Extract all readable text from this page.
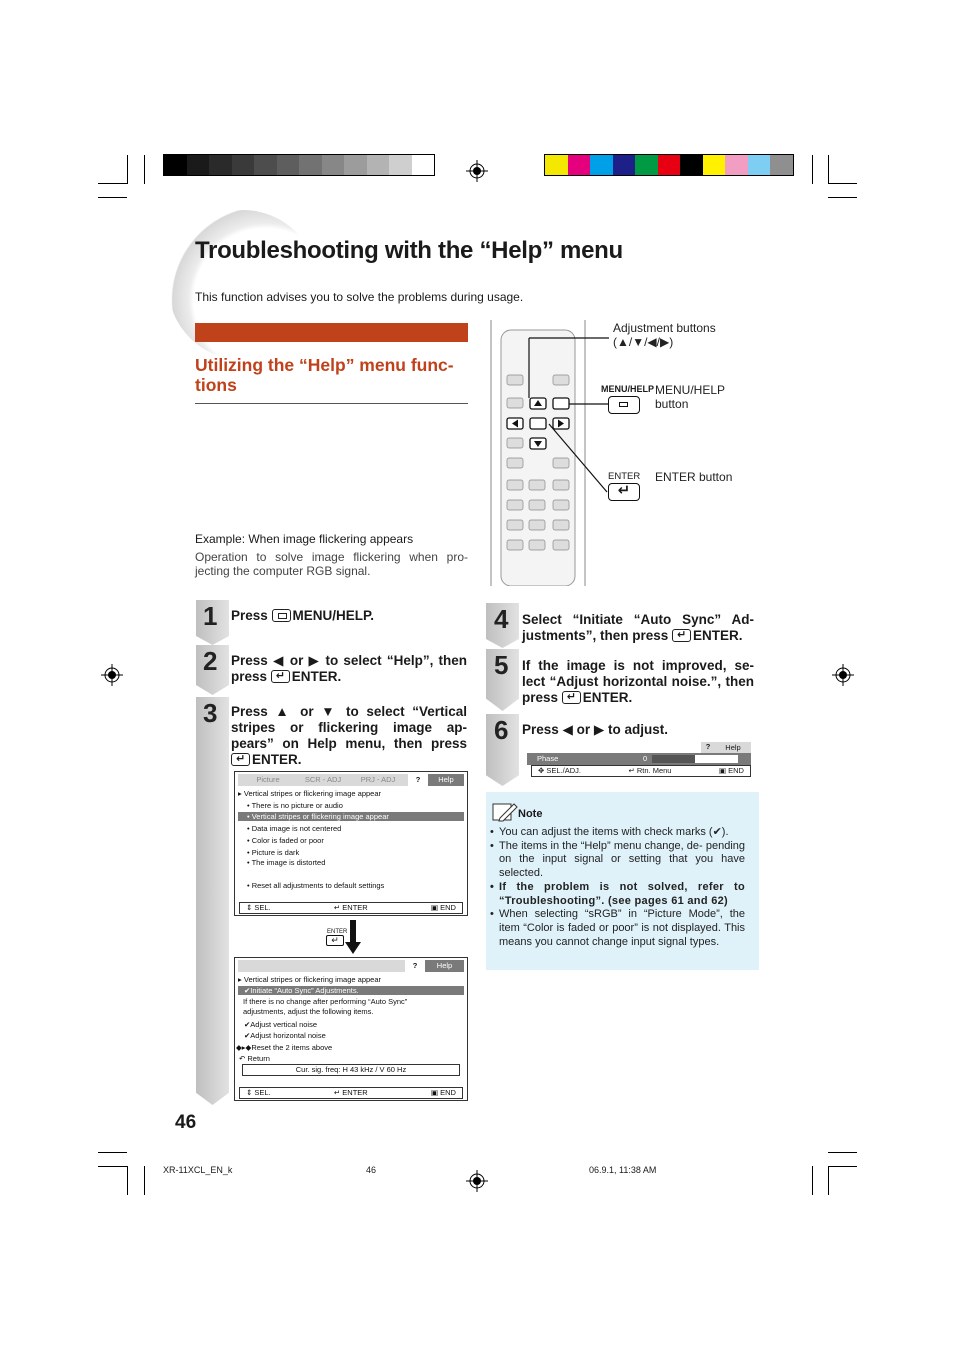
Troubleshooting with the “Help” menu
This function advises you to solve the problems during usage.
Utilizing the “Help” menu func-
tions
Example: When image flickering appears
Operation to solve image flickering when pro- jecting the computer RGB signal.
Adjustment buttons
(▲/▼/◀/▶)
MENU/HELP MENU/HELP
button
ENTER
↵
ENTER button
1
2
3
4
5
6
Press MENU/HELP.
Press ◀ or ▶ to select “Help”, then press ↵ENTER.
Press ▲ or ▼ to select “Vertical stripes or flickering image ap- pears” on Help menu, then press ↵ENTER.
Select “Initiate “Auto Sync” Ad- justments”, then press ↵ENTER.
If the image is not improved, se- lect “Adjust horizontal noise.”, then press ↵ENTER.
Press ◀ or ▶ to adjust.
Picture	SCR - ADJ	PRJ - ADJ	?	Help
▸ Vertical stripes or flickering image appear
• There is no picture or audio
• Vertical stripes or flickering image appear
• Data image is not centered
• Color is faded or poor
• Picture is dark
• The image is distorted
• Reset all adjustments to default settings
⇕ SEL.	↵ ENTER	▣ END
ENTER
↵
?	Help
▸ Vertical stripes or flickering image appear
✔Initiate “Auto Sync” Adjustments.
If there is no change after performing “Auto Sync”
adjustments, adjust the following items.
✔Adjust vertical noise
✔Adjust horizontal noise
◆▸◆Reset the 2 items above
↶ Return
Cur. sig. freq: H 43 kHz / V 60 Hz
⇕ SEL.	↵ ENTER	▣ END
?	Help
Phase	0
✥ SEL./ADJ.	↵ Rtn. Menu	▣ END
Note
• You can adjust the items with check marks (✔).
• The items in the “Help” menu change, de- pending on the input signal or setting that you have selected.
• If the problem is not solved, refer to “Troubleshooting”. (see pages 61 and 62)
• When selecting “sRGB” in “Picture Mode”, the item “Color is faded or poor” is not displayed. This means you cannot change input signal types.
46
XR-11XCL_EN_k	46	06.9.1, 11:38 AM
